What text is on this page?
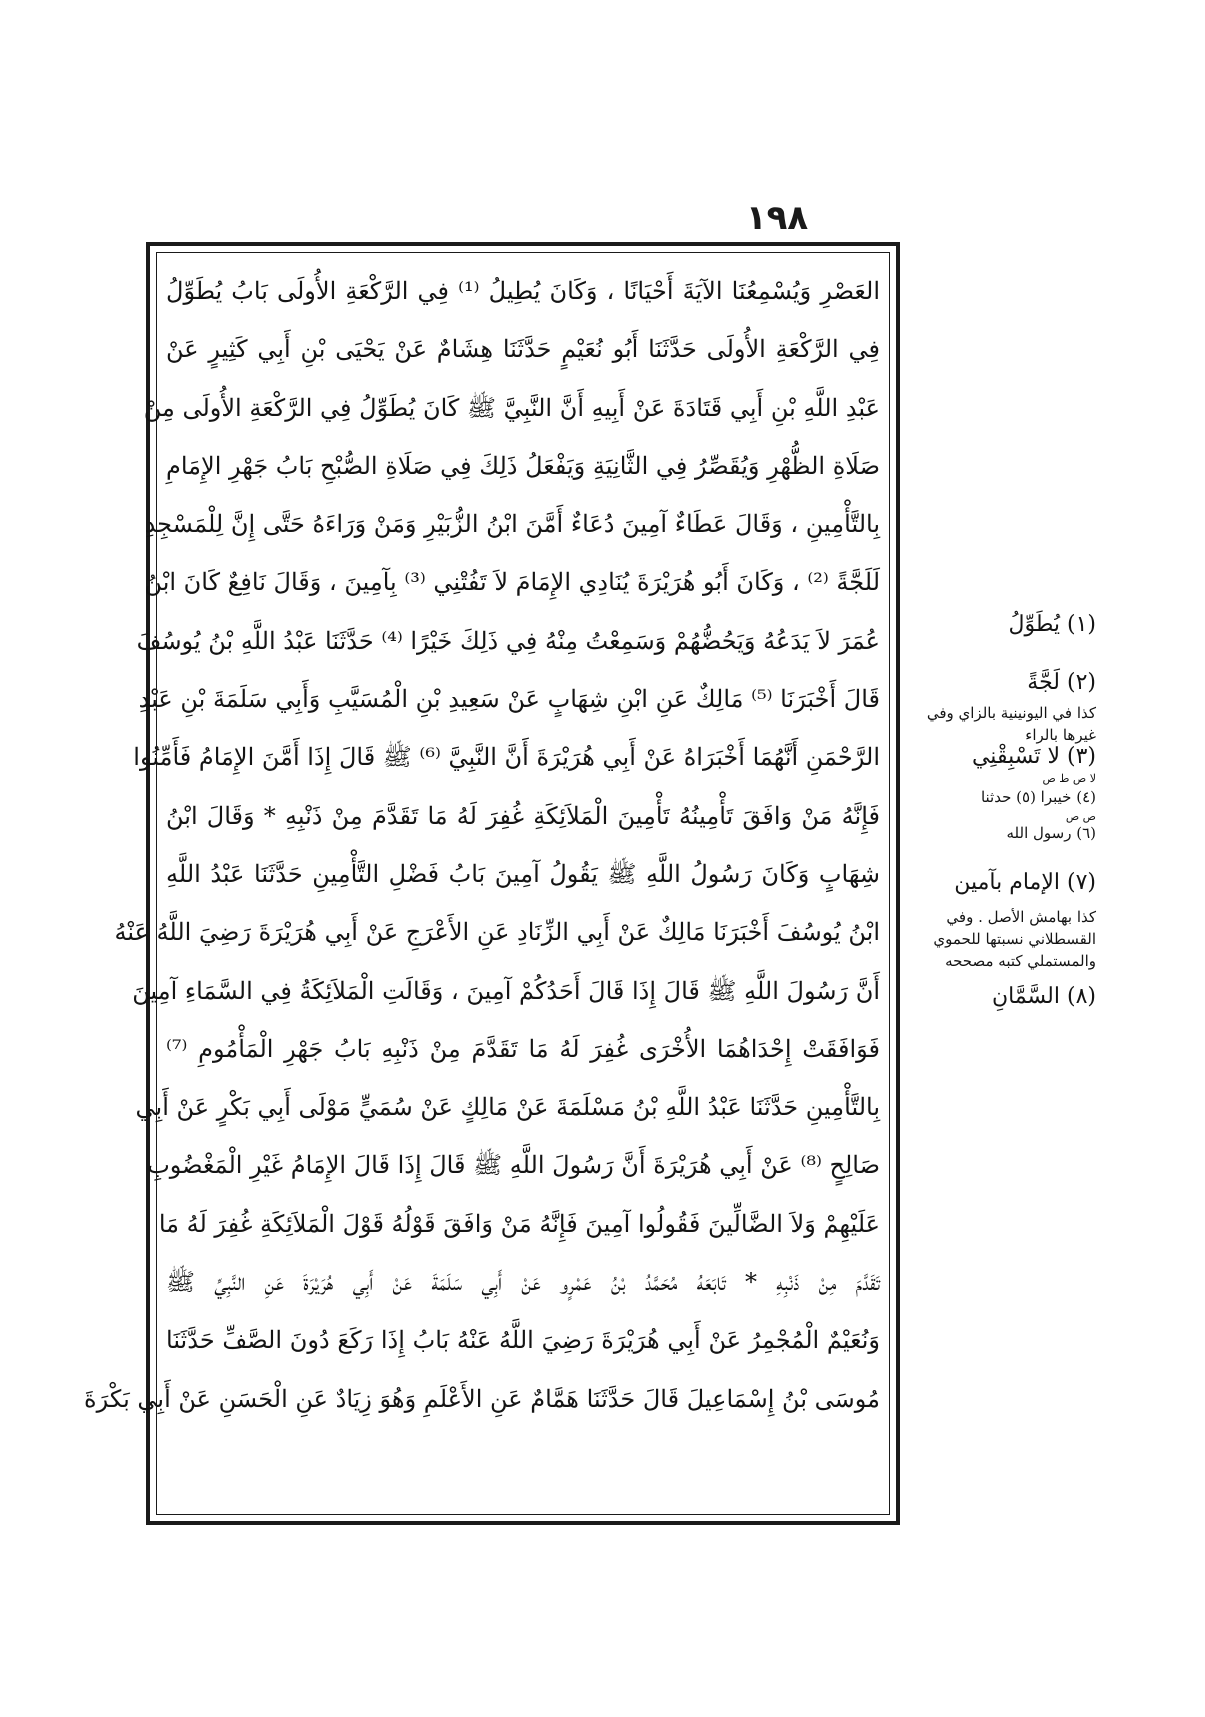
١٩٨
العَصْرِ وَيُسْمِعُنَا الآيَةَ أَحْيَانًا ، وَكَانَ يُطِيلُ ⁽¹⁾ فِي الرَّكْعَةِ الأُولَى بَابُ يُطَوِّلُ
فِي الرَّكْعَةِ الأُولَى حَدَّثَنَا أَبُو نُعَيْمٍ حَدَّثَنَا هِشَامٌ عَنْ يَحْيَى بْنِ أَبِي كَثِيرٍ عَنْ
عَبْدِ اللَّهِ بْنِ أَبِي قَتَادَةَ عَنْ أَبِيهِ أَنَّ النَّبِيَّ ﷺ كَانَ يُطَوِّلُ فِي الرَّكْعَةِ الأُولَى مِنْ
صَلَاةِ الظُّهْرِ وَيُقَصِّرُ فِي الثَّانِيَةِ وَيَفْعَلُ ذَلِكَ فِي صَلَاةِ الصُّبْحِ بَابُ جَهْرِ الإِمَامِ
بِالتَّأْمِينِ ، وَقَالَ عَطَاءٌ آمِينَ دُعَاءٌ أَمَّنَ ابْنُ الزُّبَيْرِ وَمَنْ وَرَاءَهُ حَتَّى إِنَّ لِلْمَسْجِدِ
لَلَجَّةً ⁽²⁾ ، وَكَانَ أَبُو هُرَيْرَةَ يُنَادِي الإِمَامَ لاَ تَفُتْنِي ⁽³⁾ بِآمِينَ ، وَقَالَ نَافِعٌ كَانَ ابْنُ
عُمَرَ لاَ يَدَعُهُ وَيَحُضُّهُمْ وَسَمِعْتُ مِنْهُ فِي ذَلِكَ خَيْرًا ⁽⁴⁾ حَدَّثَنَا عَبْدُ اللَّهِ بْنُ يُوسُفَ
قَالَ أَخْبَرَنَا ⁽⁵⁾ مَالِكٌ عَنِ ابْنِ شِهَابٍ عَنْ سَعِيدِ بْنِ الْمُسَيَّبِ وَأَبِي سَلَمَةَ بْنِ عَبْدِ
الرَّحْمَنِ أَنَّهُمَا أَخْبَرَاهُ عَنْ أَبِي هُرَيْرَةَ أَنَّ النَّبِيَّ ⁽⁶⁾ ﷺ قَالَ إِذَا أَمَّنَ الإِمَامُ فَأَمِّنُوا
فَإِنَّهُ مَنْ وَافَقَ تَأْمِينُهُ تَأْمِينَ الْمَلاَئِكَةِ غُفِرَ لَهُ مَا تَقَدَّمَ مِنْ ذَنْبِهِ * وَقَالَ ابْنُ
شِهَابٍ وَكَانَ رَسُولُ اللَّهِ ﷺ يَقُولُ آمِينَ بَابُ فَضْلِ التَّأْمِينِ حَدَّثَنَا عَبْدُ اللَّهِ
ابْنُ يُوسُفَ أَخْبَرَنَا مَالِكٌ عَنْ أَبِي الزِّنَادِ عَنِ الأَعْرَجِ عَنْ أَبِي هُرَيْرَةَ رَضِيَ اللَّهُ عَنْهُ
أَنَّ رَسُولَ اللَّهِ ﷺ قَالَ إِذَا قَالَ أَحَدُكُمْ آمِينَ ، وَقَالَتِ الْمَلاَئِكَةُ فِي السَّمَاءِ آمِينَ
فَوَافَقَتْ إِحْدَاهُمَا الأُخْرَى غُفِرَ لَهُ مَا تَقَدَّمَ مِنْ ذَنْبِهِ بَابُ جَهْرِ الْمَأْمُومِ ⁽⁷⁾
بِالتَّأْمِينِ حَدَّثَنَا عَبْدُ اللَّهِ بْنُ مَسْلَمَةَ عَنْ مَالِكٍ عَنْ سُمَيٍّ مَوْلَى أَبِي بَكْرٍ عَنْ أَبِي
صَالِحٍ ⁽⁸⁾ عَنْ أَبِي هُرَيْرَةَ أَنَّ رَسُولَ اللَّهِ ﷺ قَالَ إِذَا قَالَ الإِمَامُ غَيْرِ الْمَغْضُوبِ
عَلَيْهِمْ وَلاَ الضَّالِّينَ فَقُولُوا آمِينَ فَإِنَّهُ مَنْ وَافَقَ قَوْلُهُ قَوْلَ الْمَلاَئِكَةِ غُفِرَ لَهُ مَا
تَقَدَّمَ مِنْ ذَنْبِهِ * تَابَعَهُ مُحَمَّدُ بْنُ عَمْرٍو عَنْ أَبِي سَلَمَةَ عَنْ أَبِي هُرَيْرَةَ عَنِ النَّبِيِّ ﷺ
وَنُعَيْمٌ الْمُجْمِرُ عَنْ أَبِي هُرَيْرَةَ رَضِيَ اللَّهُ عَنْهُ بَابُ إِذَا رَكَعَ دُونَ الصَّفِّ حَدَّثَنَا
مُوسَى بْنُ إِسْمَاعِيلَ قَالَ حَدَّثَنَا هَمَّامٌ عَنِ الأَعْلَمِ وَهُوَ زِيَادٌ عَنِ الْحَسَنِ عَنْ أَبِي بَكْرَةَ
(١) يُطَوِّلُ
(٢) لَجَّةً
كذا في اليونينية بالزاي وفي
غيرها بالراء
لا ص ط ص
(٣) لا تَسْبِقْنِي
(٤) خيبرا (٥) حدثنا
ص ص
(٦) رسول الله
(٧) الإمام بآمين
كذا بهامش الأصل . وفي
القسطلاني نسبتها للحموي
والمستملي كتبه مصححه
(٨) السَّمَّانِ
